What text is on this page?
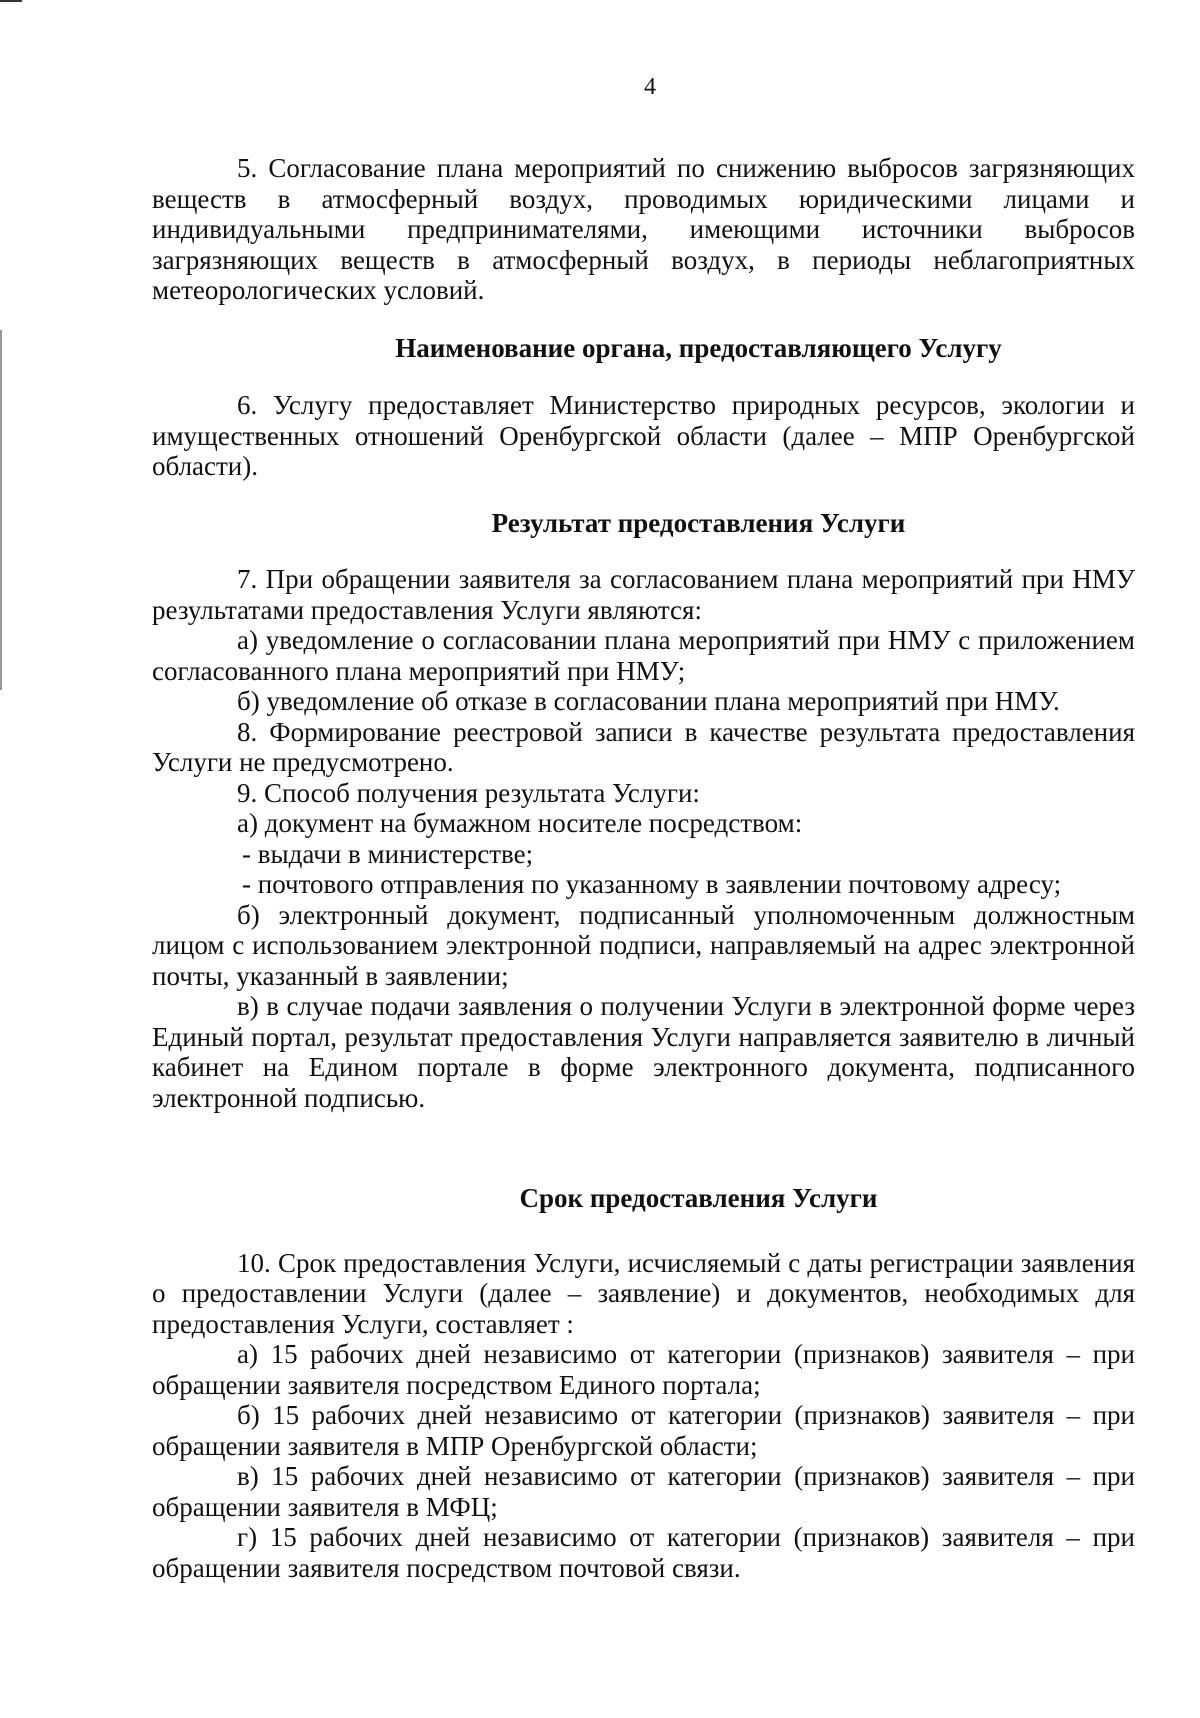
4

5. Согласование плана мероприятий по снижению выбросов загрязняющих веществ в атмосферный воздух, проводимых юридическими лицами и индивидуальными предпринимателями, имеющими источники выбросов загрязняющих веществ в атмосферный воздух, в периоды неблагоприятных метеорологических условий.

Наименование органа, предоставляющего Услугу

6. Услугу предоставляет Министерство природных ресурсов, экологии и имущественных отношений Оренбургской области (далее – МПР Оренбургской области).

Результат предоставления Услуги

7. При обращении заявителя за согласованием плана мероприятий при НМУ результатами предоставления Услуги являются:

а) уведомление о согласовании плана мероприятий при НМУ с приложением согласованного плана мероприятий при НМУ;

б) уведомление об отказе в согласовании плана мероприятий при НМУ.

8. Формирование реестровой записи в качестве результата предоставления Услуги не предусмотрено.

9. Способ получения результата Услуги:

а) документ на бумажном носителе посредством:

- выдачи в министерстве;

- почтового отправления по указанному в заявлении почтовому адресу;

б) электронный документ, подписанный уполномоченным должностным лицом с использованием электронной подписи, направляемый на адрес электронной почты, указанный в заявлении;

в) в случае подачи заявления о получении Услуги в электронной форме через Единый портал, результат предоставления Услуги направляется заявителю в личный кабинет на Едином портале в форме электронного документа, подписанного электронной подписью.

Срок предоставления Услуги

10. Срок предоставления Услуги, исчисляемый с даты регистрации заявления о предоставлении Услуги (далее – заявление) и документов, необходимых для предоставления Услуги, составляет :

а) 15 рабочих дней независимо от категории (признаков) заявителя – при обращении заявителя посредством Единого портала;

б) 15 рабочих дней независимо от категории (признаков) заявителя – при обращении заявителя в МПР Оренбургской области;

в) 15 рабочих дней независимо от категории (признаков) заявителя – при обращении заявителя в МФЦ;

г) 15 рабочих дней независимо от категории (признаков) заявителя – при обращении заявителя посредством почтовой связи.
